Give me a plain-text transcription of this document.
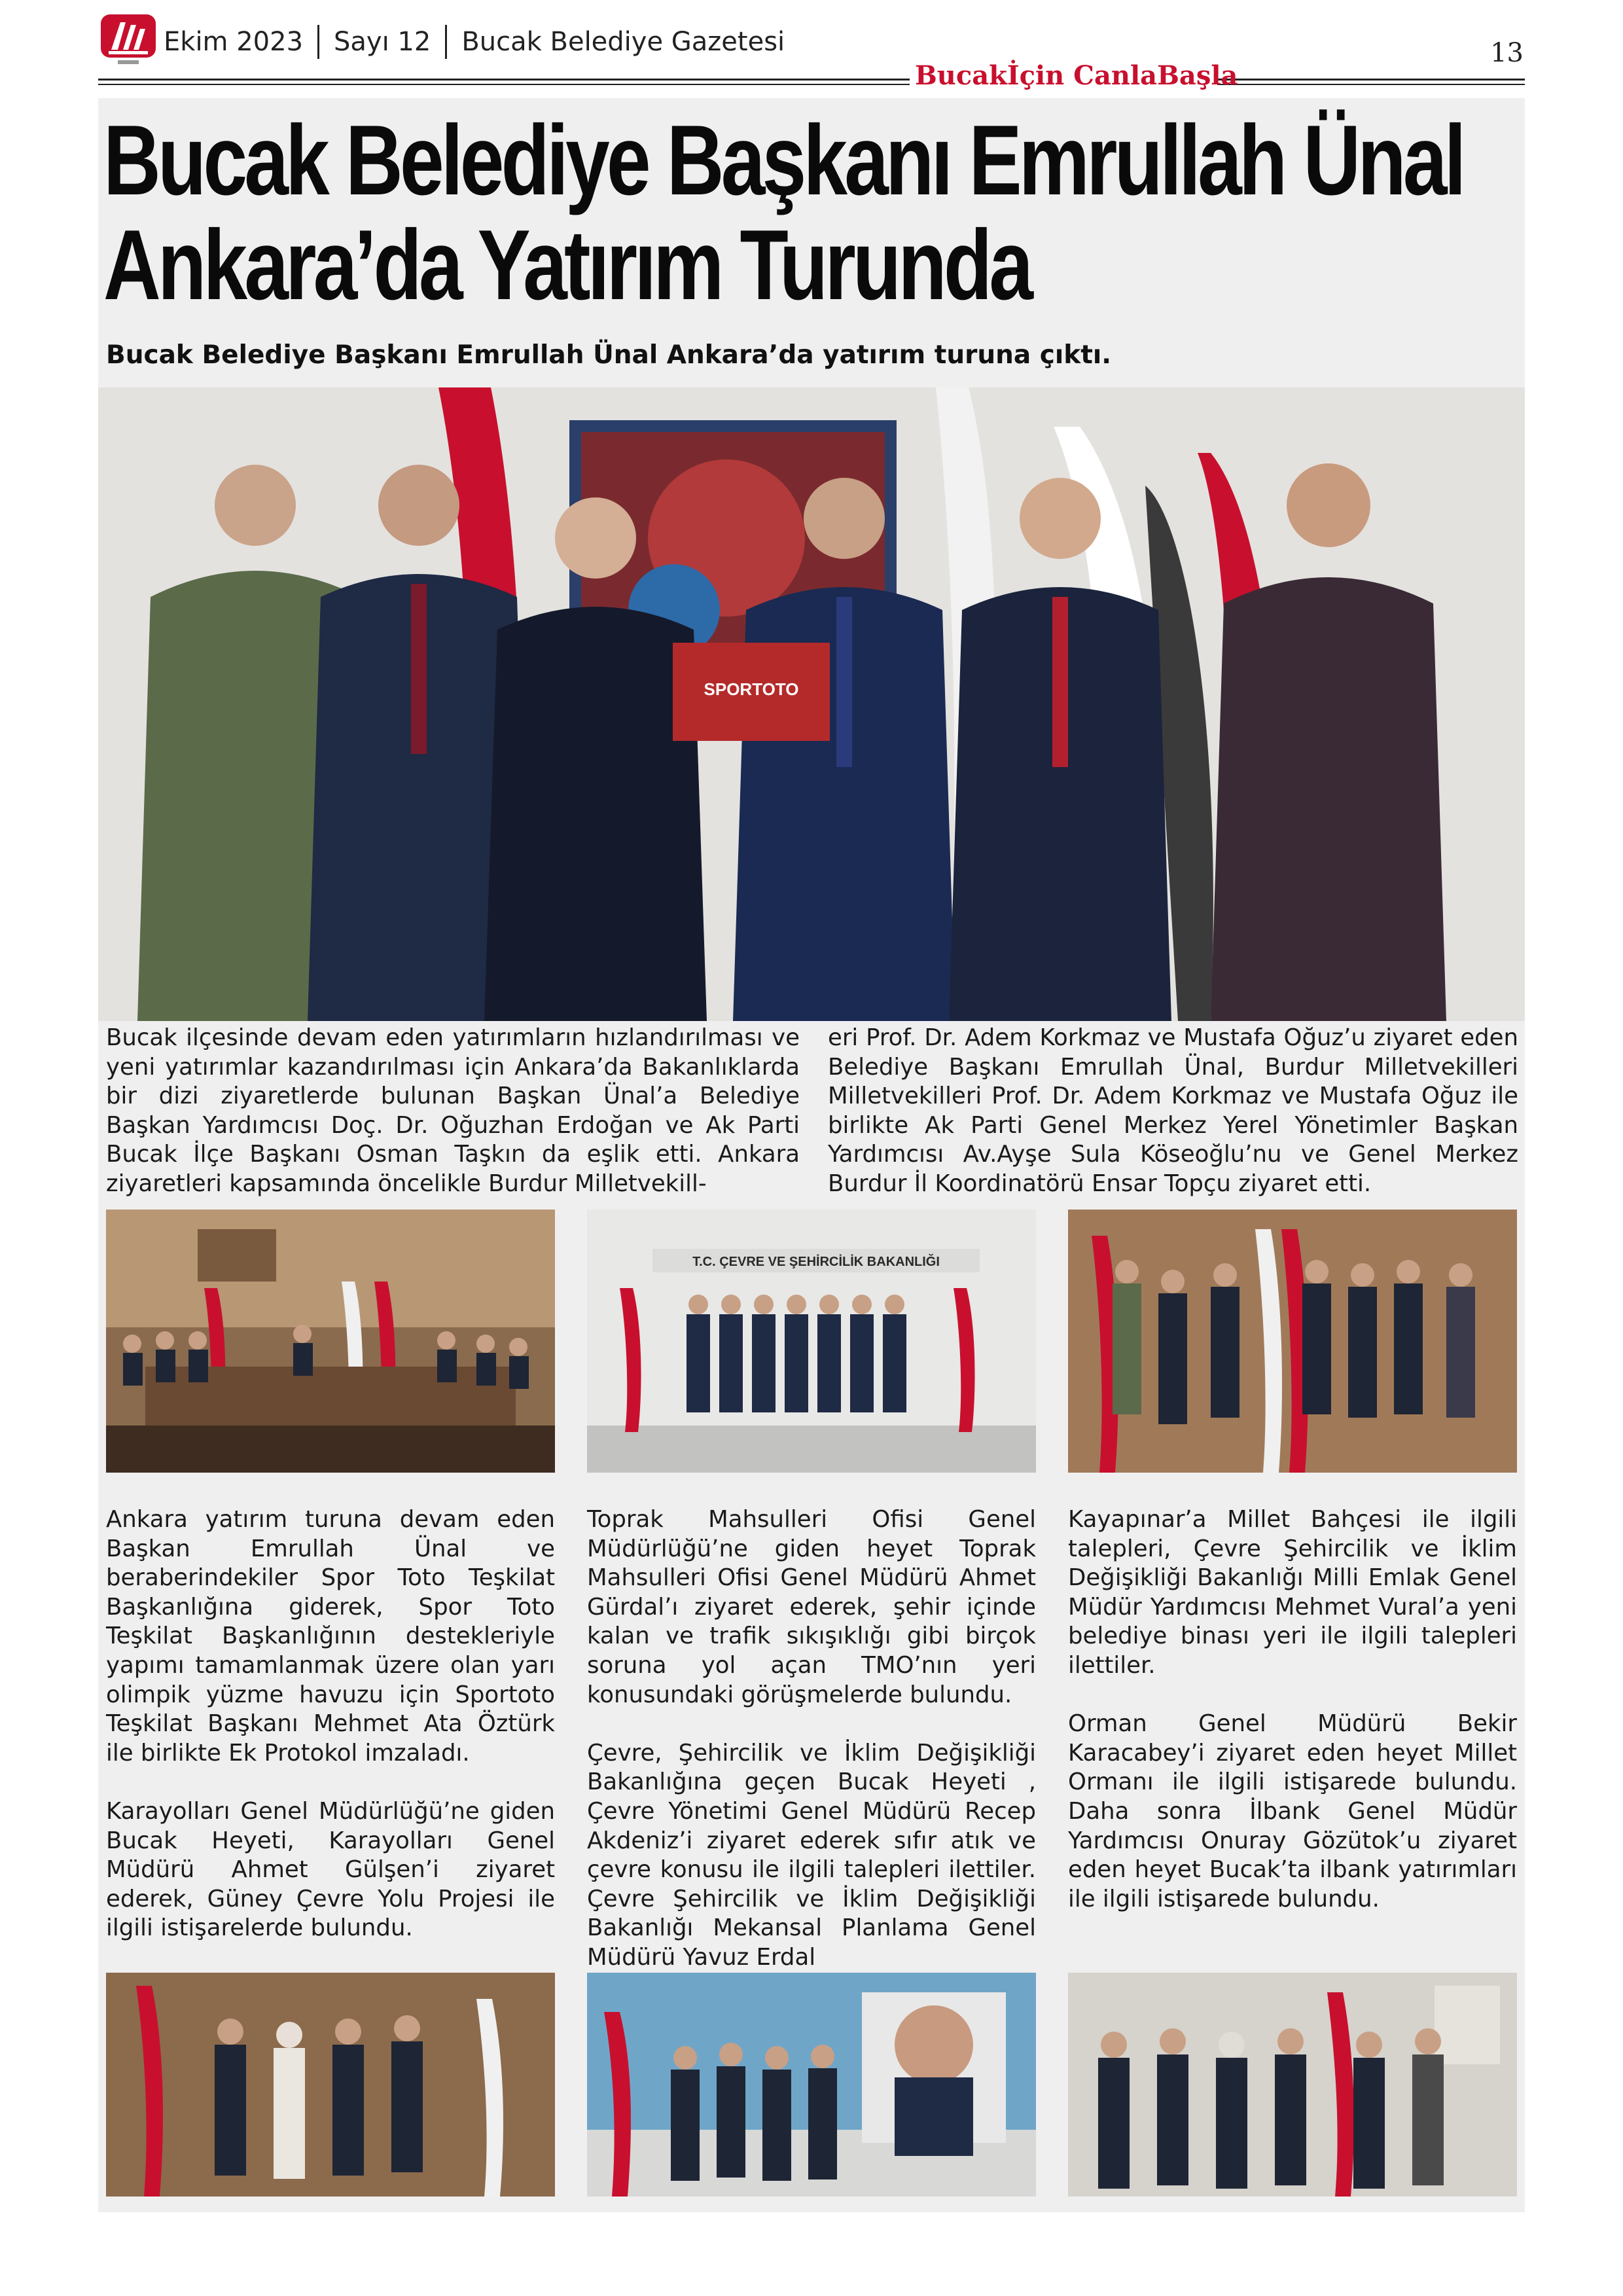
Ekim 2023 Sayı 12 Bucak Belediye Gazetesi	13
Bucakİçin CanlaBaşla
Bucak Belediye Başkanı Emrullah Ünal
Ankara’da Yatırım Turunda
Bucak Belediye Başkanı Emrullah Ünal Ankara’da yatırım turuna çıktı.
SPORTOTO
Bucak ilçesinde devam eden yatırımların hızlandırılması ve yeni yatırımlar kazandırılması için Ankara’da Bakanlıklarda bir dizi ziyaretlerde bulunan Başkan Ünal’a Belediye Başkan Yardımcısı Doç. Dr. Oğuzhan Erdoğan ve Ak Parti Bucak İlçe Başkanı Osman Taşkın da eşlik etti. Ankara ziyaretleri kapsamında öncelikle Burdur Milletvekill-
eri Prof. Dr. Adem Korkmaz ve Mustafa Oğuz’u ziyaret eden Belediye Başkanı Emrullah Ünal, Burdur Milletvekilleri Milletvekilleri Prof. Dr. Adem Korkmaz ve Mustafa Oğuz ile birlikte Ak Parti Genel Merkez Yerel Yönetimler Başkan Yardımcısı Av.Ayşe Sula Köseoğlu’nu ve Genel Merkez Burdur İl Koordinatörü Ensar Topçu ziyaret etti.
T.C. ÇEVRE VE ŞEHİRCİLİK BAKANLIĞI

Ankara yatırım turuna devam eden Başkan Emrullah Ünal ve beraberindekiler Spor Toto Teşkilat Başkanlığına giderek, Spor Toto Teşkilat Başkanlığının destekleriyle yapımı tamamlanmak üzere olan yarı olimpik yüzme havuzu için Sportoto Teşkilat Başkanı Mehmet Ata Öztürk ile birlikte Ek Protokol imzaladı.

Karayolları Genel Müdürlüğü’ne giden Bucak Heyeti, Karayolları Genel Müdürü Ahmet Gülşen’i ziyaret ederek, Güney Çevre Yolu Projesi ile ilgili istişarelerde bulundu.

Toprak Mahsulleri Ofisi Genel Müdürlüğü’ne giden heyet Toprak Mahsulleri Ofisi Genel Müdürü Ahmet Gürdal’ı ziyaret ederek, şehir içinde kalan ve trafik sıkışıklığı gibi birçok soruna yol açan TMO’nın yeri konusundaki görüşmelerde bulundu.

Çevre, Şehircilik ve İklim Değişikliği Bakanlığına geçen Bucak Heyeti , Çevre Yönetimi Genel Müdürü Recep Akdeniz’i ziyaret ederek sıfır atık ve çevre konusu ile ilgili talepleri ilettiler. Çevre Şehircilik ve İklim Değişikliği Bakanlığı Mekansal Planlama Genel Müdürü Yavuz Erdal

Kayapınar’a Millet Bahçesi ile ilgili talepleri, Çevre Şehircilik ve İklim Değişikliği Bakanlığı Milli Emlak Genel Müdür Yardımcısı Mehmet Vural’a yeni belediye binası yeri ile ilgili talepleri ilettiler.

Orman Genel Müdürü Bekir Karacabey’i ziyaret eden heyet Millet Ormanı ile ilgili istişarede bulundu. Daha sonra İlbank Genel Müdür Yardımcısı Onuray Gözütok’u ziyaret eden heyet Bucak’ta ilbank yatırımları ile ilgili istişarede bulundu.
